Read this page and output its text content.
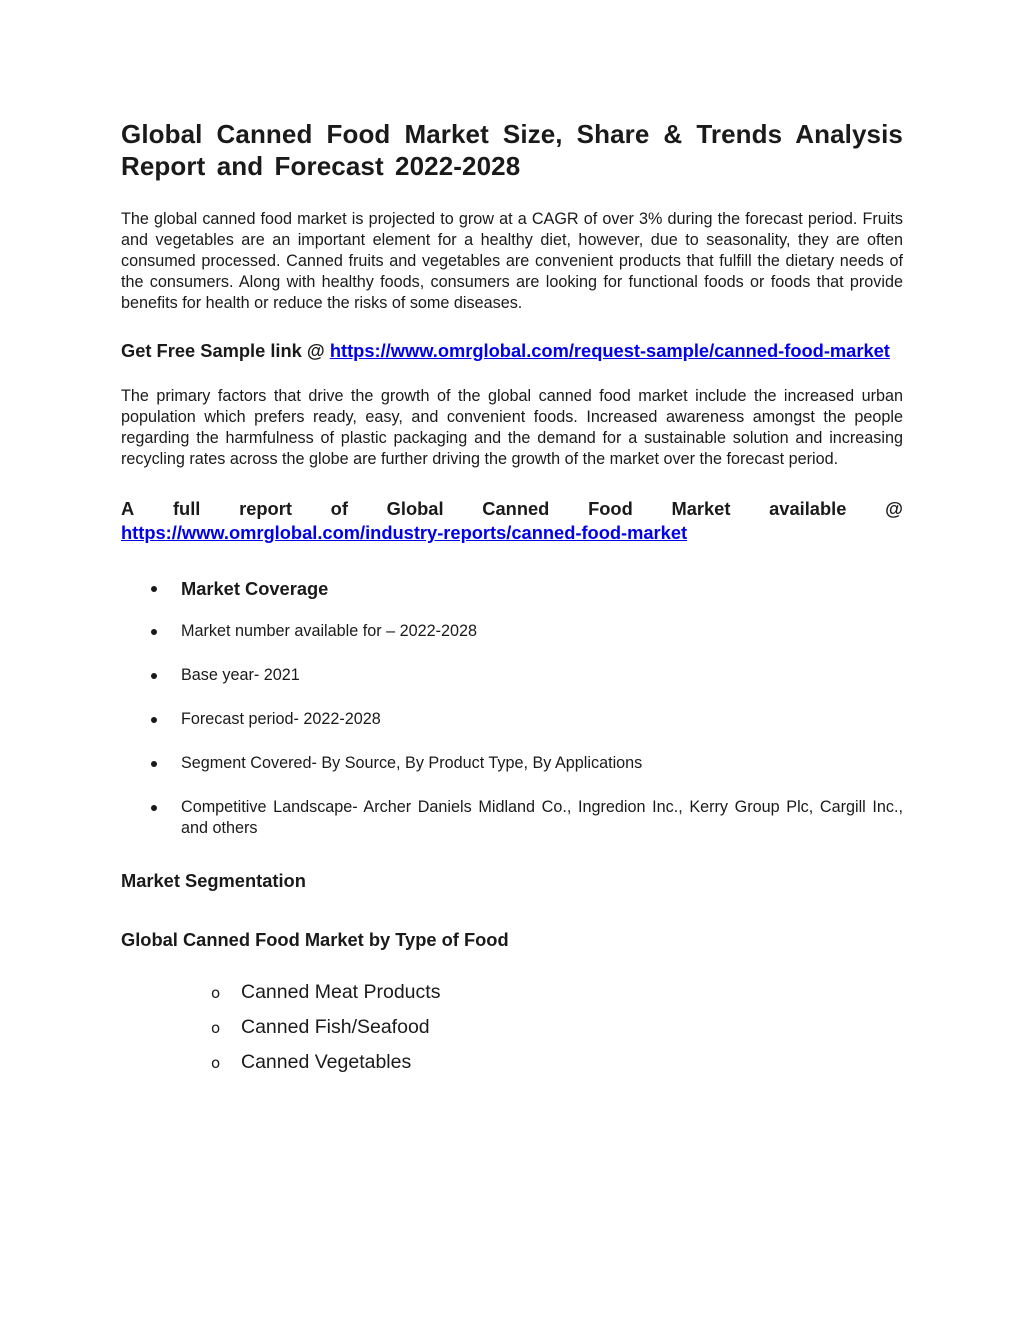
Global Canned Food Market Size, Share & Trends Analysis Report and Forecast 2022-2028

The global canned food market is projected to grow at a CAGR of over 3% during the forecast period. Fruits and vegetables are an important element for a healthy diet, however, due to seasonality, they are often consumed processed. Canned fruits and vegetables are convenient products that fulfill the dietary needs of the consumers. Along with healthy foods, consumers are looking for functional foods or foods that provide benefits for health or reduce the risks of some diseases.

Get Free Sample link @ https://www.omrglobal.com/request-sample/canned-food-market

The primary factors that drive the growth of the global canned food market include the increased urban population which prefers ready, easy, and convenient foods. Increased awareness amongst the people regarding the harmfulness of plastic packaging and the demand for a sustainable solution and increasing recycling rates across the globe are further driving the growth of the market over the forecast period.

A full report of Global Canned Food Market available @
https://www.omrglobal.com/industry-reports/canned-food-market
Market Coverage
Market number available for – 2022-2028
Base year- 2021
Forecast period- 2022-2028
Segment Covered- By Source, By Product Type, By Applications
Competitive Landscape- Archer Daniels Midland Co., Ingredion Inc., Kerry Group Plc, Cargill Inc., and others
Market Segmentation
Global Canned Food Market by Type of Food
o Canned Meat Products
o Canned Fish/Seafood
o Canned Vegetables
